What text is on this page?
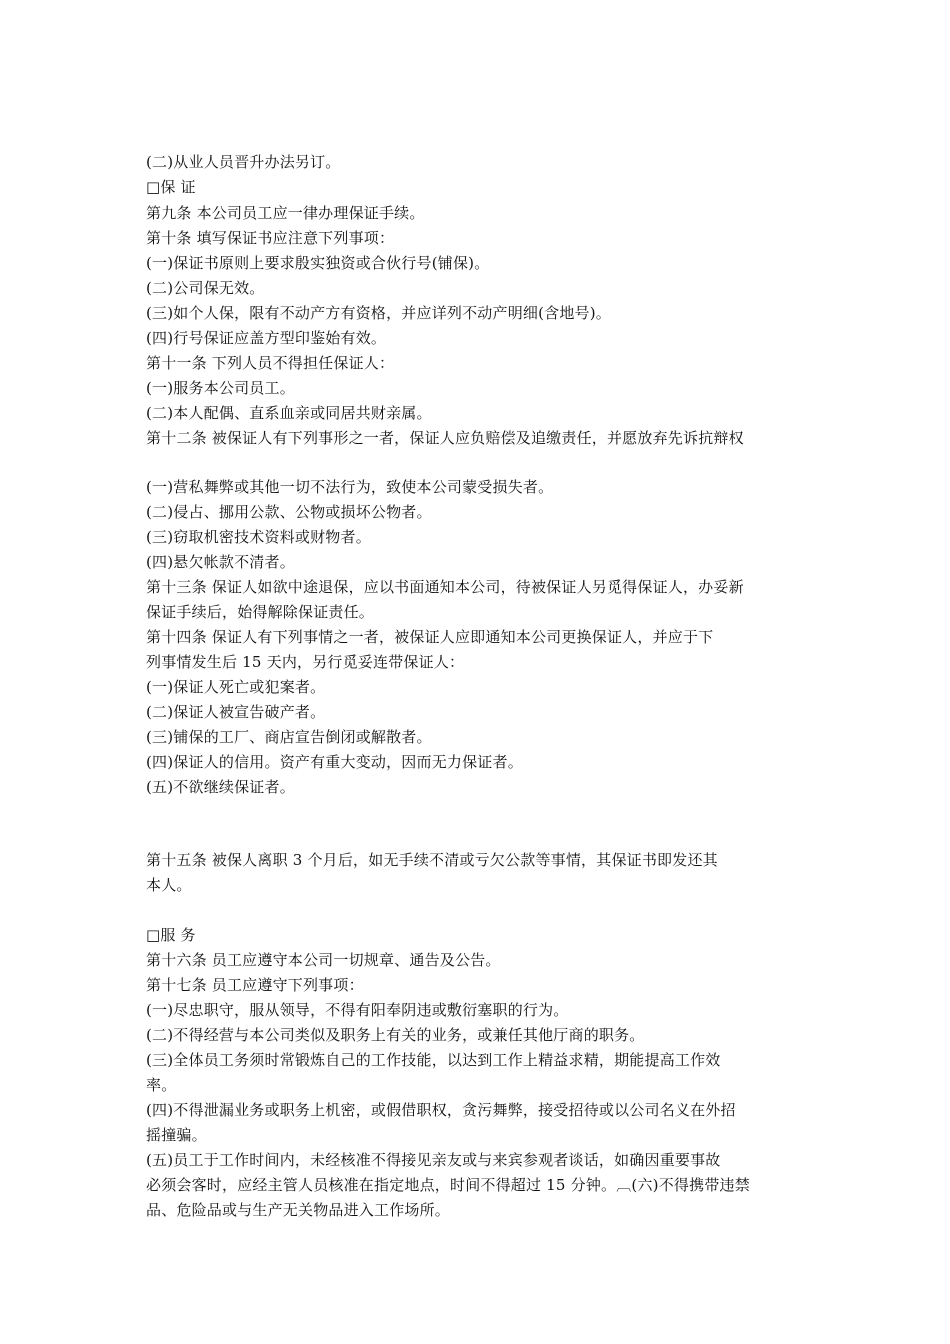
(二)从业人员晋升办法另订。
□保 证
第九条 本公司员工应一律办理保证手续。
第十条 填写保证书应注意下列事项：
(一)保证书原则上要求殷实独资或合伙行号(铺保)。
(二)公司保无效。
(三)如个人保，限有不动产方有资格，并应详列不动产明细(含地号)。
(四)行号保证应盖方型印鉴始有效。
第十一条 下列人员不得担任保证人：
(一)服务本公司员工。
(二)本人配偶、直系血亲或同居共财亲属。
第十二条 被保证人有下列事形之一者，保证人应负赔偿及追缴责任，并愿放弃先诉抗辩权
(一)营私舞弊或其他一切不法行为，致使本公司蒙受损失者。
(二)侵占、挪用公款、公物或损坏公物者。
(三)窃取机密技术资料或财物者。
(四)悬欠帐款不清者。
第十三条 保证人如欲中途退保，应以书面通知本公司，待被保证人另觅得保证人，办妥新
保证手续后，始得解除保证责任。
第十四条 保证人有下列事情之一者，被保证人应即通知本公司更换保证人，并应于下
列事情发生后 15 天内，另行觅妥连带保证人：
(一)保证人死亡或犯案者。
(二)保证人被宣告破产者。
(三)铺保的工厂、商店宣告倒闭或解散者。
(四)保证人的信用。资产有重大变动，因而无力保证者。
(五)不欲继续保证者。
第十五条 被保人离职 3 个月后，如无手续不清或亏欠公款等事情，其保证书即发还其
本人。
□服 务
第十六条 员工应遵守本公司一切规章、通告及公告。
第十七条 员工应遵守下列事项：
(一)尽忠职守，服从领导，不得有阳奉阴违或敷衍塞职的行为。
(二)不得经营与本公司类似及职务上有关的业务，或兼任其他厅商的职务。
(三)全体员工务须时常锻炼自己的工作技能，以达到工作上精益求精，期能提高工作效
率。
(四)不得泄漏业务或职务上机密，或假借职权，贪污舞弊，接受招待或以公司名义在外招
摇撞骗。
(五)员工于工作时间内，未经核准不得接见亲友或与来宾参观者谈话，如确因重要事故
必须会客时，应经主管人员核准在指定地点，时间不得超过 15 分钟。︹(六)不得携带违禁
品、危险品或与生产无关物品进入工作场所。
